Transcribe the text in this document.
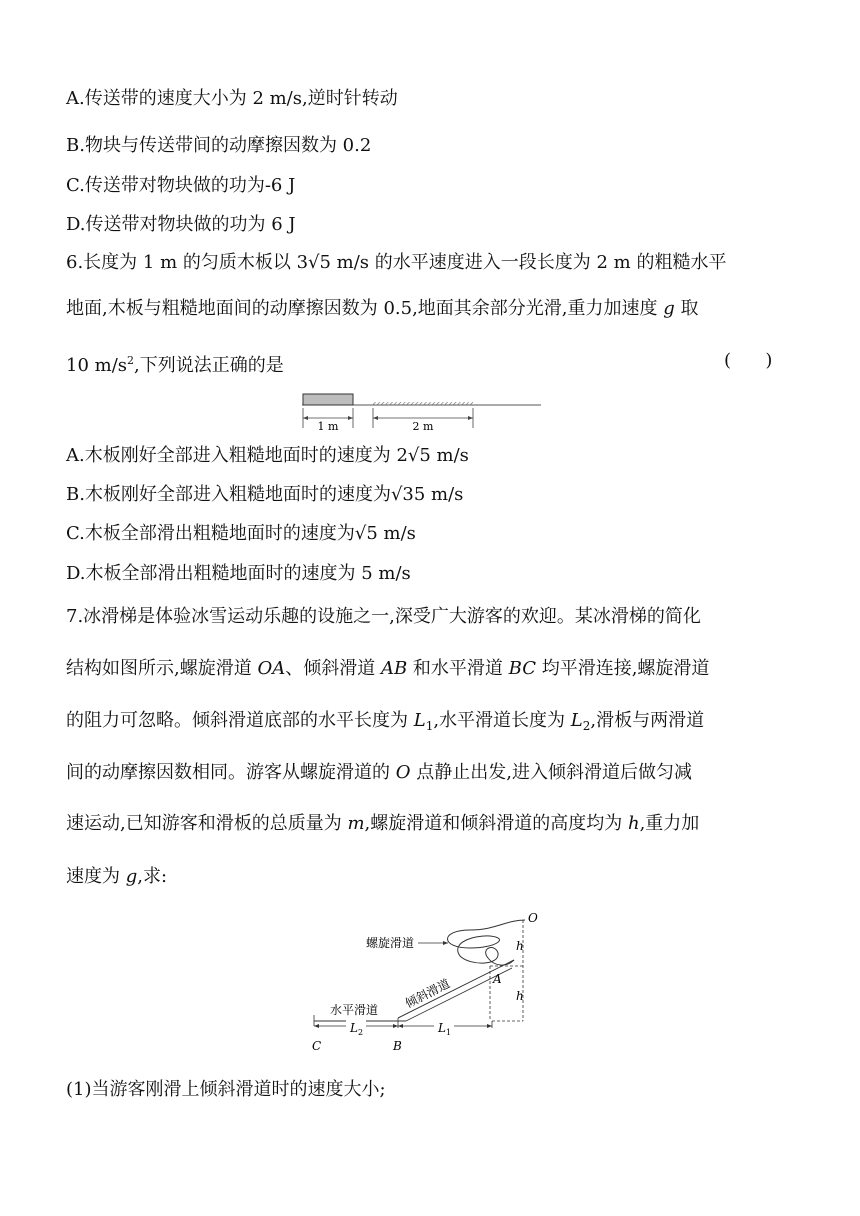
A.传送带的速度大小为 2 m/s,逆时针转动
B.物块与传送带间的动摩擦因数为 0.2
C.传送带对物块做的功为-6 J
D.传送带对物块做的功为 6 J
6.长度为 1 m 的匀质木板以 3√5 m/s 的水平速度进入一段长度为 2 m 的粗糙水平
地面,木板与粗糙地面间的动摩擦因数为 0.5,地面其余部分光滑,重力加速度 g 取
10 $m/s^2$,下列说法正确的是	(      )
1 m	2 m
A.木板刚好全部进入粗糙地面时的速度为 2√5 m/s
B.木板刚好全部进入粗糙地面时的速度为√35 m/s
C.木板全部滑出粗糙地面时的速度为√5 m/s
D.木板全部滑出粗糙地面时的速度为 5 m/s
7.冰滑梯是体验冰雪运动乐趣的设施之一,深受广大游客的欢迎。某冰滑梯的简化
结构如图所示,螺旋滑道 OA、倾斜滑道 AB 和水平滑道 BC 均平滑连接,螺旋滑道
的阻力可忽略。倾斜滑道底部的水平长度为 $L_1$,水平滑道长度为 $L_2$,滑板与两滑道
间的动摩擦因数相同。游客从螺旋滑道的 O 点静止出发,进入倾斜滑道后做匀减
速运动,已知游客和滑板的总质量为 m,螺旋滑道和倾斜滑道的高度均为 h,重力加
速度为 g,求:
O
螺旋滑道	h
h
A
倾斜滑道
水平滑道
$L_2$	$L_1$
C	B
(1)当游客刚滑上倾斜滑道时的速度大小;
